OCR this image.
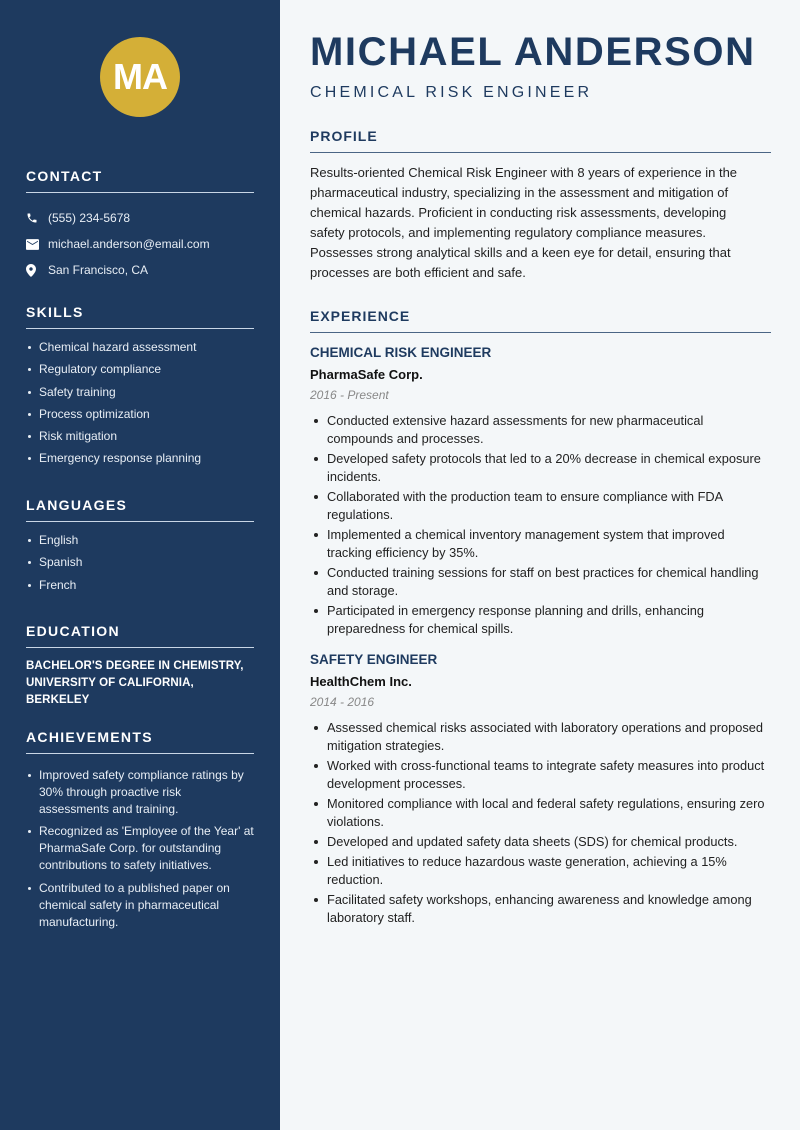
MA
CONTACT
(555) 234-5678
michael.anderson@email.com
San Francisco, CA
SKILLS
Chemical hazard assessment
Regulatory compliance
Safety training
Process optimization
Risk mitigation
Emergency response planning
LANGUAGES
English
Spanish
French
EDUCATION
BACHELOR'S DEGREE IN CHEMISTRY, UNIVERSITY OF CALIFORNIA, BERKELEY
ACHIEVEMENTS
Improved safety compliance ratings by 30% through proactive risk assessments and training.
Recognized as 'Employee of the Year' at PharmaSafe Corp. for outstanding contributions to safety initiatives.
Contributed to a published paper on chemical safety in pharmaceutical manufacturing.
MICHAEL ANDERSON
CHEMICAL RISK ENGINEER
PROFILE

Results-oriented Chemical Risk Engineer with 8 years of experience in the pharmaceutical industry, specializing in the assessment and mitigation of chemical hazards. Proficient in conducting risk assessments, developing safety protocols, and implementing regulatory compliance measures. Possesses strong analytical skills and a keen eye for detail, ensuring that processes are both efficient and safe.

EXPERIENCE
CHEMICAL RISK ENGINEER
PharmaSafe Corp.
2016 - Present
Conducted extensive hazard assessments for new pharmaceutical compounds and processes.
Developed safety protocols that led to a 20% decrease in chemical exposure incidents.
Collaborated with the production team to ensure compliance with FDA regulations.
Implemented a chemical inventory management system that improved tracking efficiency by 35%.
Conducted training sessions for staff on best practices for chemical handling and storage.
Participated in emergency response planning and drills, enhancing preparedness for chemical spills.
SAFETY ENGINEER
HealthChem Inc.
2014 - 2016
Assessed chemical risks associated with laboratory operations and proposed mitigation strategies.
Worked with cross-functional teams to integrate safety measures into product development processes.
Monitored compliance with local and federal safety regulations, ensuring zero violations.
Developed and updated safety data sheets (SDS) for chemical products.
Led initiatives to reduce hazardous waste generation, achieving a 15% reduction.
Facilitated safety workshops, enhancing awareness and knowledge among laboratory staff.
